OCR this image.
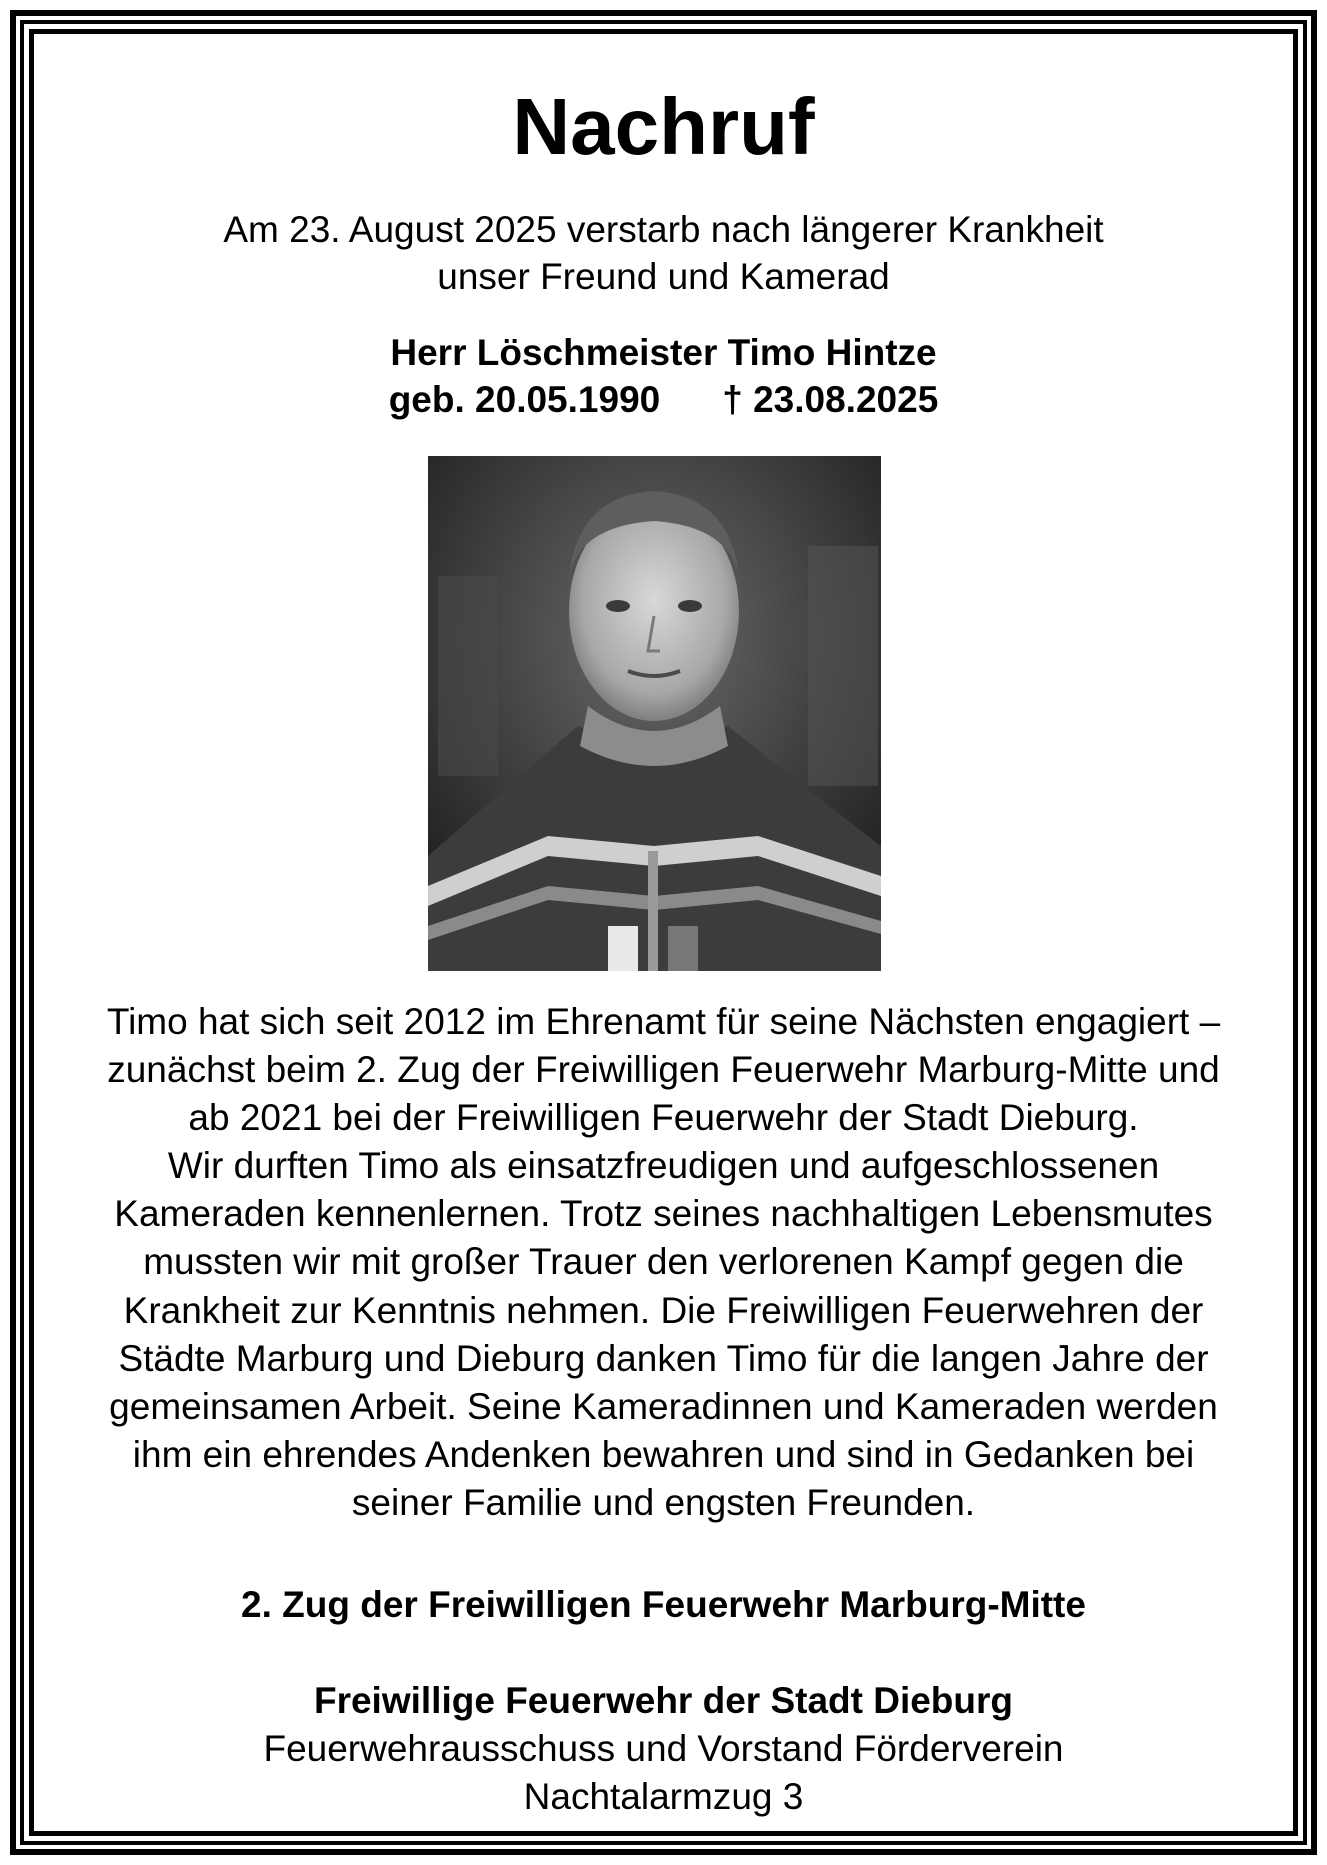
Nachruf
Am 23. August 2025 verstarb nach längerer Krankheit
unser Freund und Kamerad
Herr Löschmeister Timo Hintze
geb. 20.05.1990 † 23.08.2025
Timo hat sich seit 2012 im Ehrenamt für seine Nächsten engagiert –
zunächst beim 2. Zug der Freiwilligen Feuerwehr Marburg-Mitte und
ab 2021 bei der Freiwilligen Feuerwehr der Stadt Dieburg.
Wir durften Timo als einsatzfreudigen und aufgeschlossenen
Kameraden kennenlernen. Trotz seines nachhaltigen Lebensmutes
mussten wir mit großer Trauer den verlorenen Kampf gegen die
Krankheit zur Kenntnis nehmen. Die Freiwilligen Feuerwehren der
Städte Marburg und Dieburg danken Timo für die langen Jahre der
gemeinsamen Arbeit. Seine Kameradinnen und Kameraden werden
ihm ein ehrendes Andenken bewahren und sind in Gedanken bei
seiner Familie und engsten Freunden.
2. Zug der Freiwilligen Feuerwehr Marburg-Mitte
Freiwillige Feuerwehr der Stadt Dieburg
Feuerwehrausschuss und Vorstand Förderverein
Nachtalarmzug 3
